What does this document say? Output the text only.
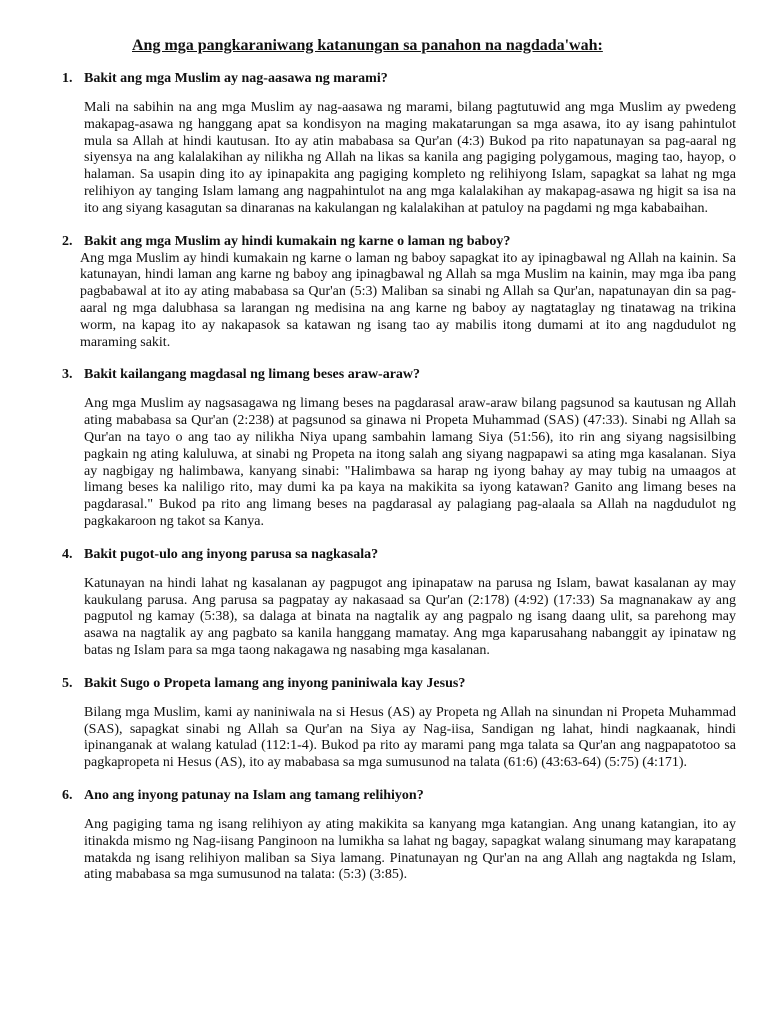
Ang mga pangkaraniwang katanungan sa panahon na nagdada'wah:
1. Bakit ang mga Muslim ay nag-aasawa ng marami?

Mali na sabihin na ang mga Muslim ay nag-aasawa ng marami, bilang pagtutuwid ang mga Muslim ay pwedeng makapag-asawa ng hanggang apat sa kondisyon na maging makatarungan sa mga asawa, ito ay isang pahintulot mula sa Allah at hindi kautusan. Ito ay atin mababasa sa Qur'an (4:3) Bukod pa rito napatunayan sa pag-aaral ng siyensya na ang kalalakihan ay nilikha ng Allah na likas sa kanila ang pagiging polygamous, maging tao, hayop, o halaman. Sa usapin ding ito ay ipinapakita ang pagiging kompleto ng relihiyong Islam, sapagkat sa lahat ng mga relihiyon ay tanging Islam lamang ang nagpahintulot na ang mga kalalakihan ay makapag-asawa ng higit sa isa na ito ang siyang kasagutan sa dinaranas na kakulangan ng kalalakihan at patuloy na pagdami ng mga kababaihan.

2. Bakit ang mga Muslim ay hindi kumakain ng karne o laman ng baboy?

Ang mga Muslim ay hindi kumakain ng karne o laman ng baboy sapagkat ito ay ipinagbawal ng Allah na kainin. Sa katunayan, hindi laman ang karne ng baboy ang ipinagbawal ng Allah sa mga Muslim na kainin, may mga iba pang pagbabawal at ito ay ating mababasa sa Qur'an (5:3) Maliban sa sinabi ng Allah sa Qur'an, napatunayan din sa pag-aaral ng mga dalubhasa sa larangan ng medisina na ang karne ng baboy ay nagtataglay ng tinatawag na trikina worm, na kapag ito ay nakapasok sa katawan ng isang tao ay mabilis itong dumami at ito ang nagdudulot ng maraming sakit.

3. Bakit kailangang magdasal ng limang beses araw-araw?

Ang mga Muslim ay nagsasagawa ng limang beses na pagdarasal araw-araw bilang pagsunod sa kautusan ng Allah ating mababasa sa Qur'an (2:238) at pagsunod sa ginawa ni Propeta Muhammad (SAS) (47:33). Sinabi ng Allah sa Qur'an na tayo o ang tao ay nilikha Niya upang sambahin lamang Siya (51:56), ito rin ang siyang nagsisilbing pagkain ng ating kaluluwa, at sinabi ng Propeta na itong salah ang siyang nagpapawi sa ating mga kasalanan. Siya ay nagbigay ng halimbawa, kanyang sinabi: "Halimbawa sa harap ng iyong bahay ay may tubig na umaagos at limang beses ka naliligo rito, may dumi ka pa kaya na makikita sa iyong katawan? Ganito ang limang beses na pagdarasal." Bukod pa rito ang limang beses na pagdarasal ay palagiang pag-alaala sa Allah na nagdudulot ng pagkakaroon ng takot sa Kanya.

4. Bakit pugot-ulo ang inyong parusa sa nagkasala?

Katunayan na hindi lahat ng kasalanan ay pagpugot ang ipinapataw na parusa ng Islam, bawat kasalanan ay may kaukulang parusa. Ang parusa sa pagpatay ay nakasaad sa Qur'an (2:178) (4:92) (17:33) Sa magnanakaw ay ang pagputol ng kamay (5:38), sa dalaga at binata na nagtalik ay ang pagpalo ng isang daang ulit, sa parehong may asawa na nagtalik ay ang pagbato sa kanila hanggang mamatay. Ang mga kaparusahang nabanggit ay ipinataw ng batas ng Islam para sa mga taong nakagawa ng nasabing mga kasalanan.

5. Bakit Sugo o Propeta lamang ang inyong paniniwala kay Jesus?

Bilang mga Muslim, kami ay naniniwala na si Hesus (AS) ay Propeta ng Allah na sinundan ni Propeta Muhammad (SAS), sapagkat sinabi ng Allah sa Qur'an na Siya ay Nag-iisa, Sandigan ng lahat, hindi nagkaanak, hindi ipinanganak at walang katulad (112:1-4). Bukod pa rito ay marami pang mga talata sa Qur'an ang nagpapatotoo sa pagkapropeta ni Hesus (AS), ito ay mababasa sa mga sumusunod na talata (61:6) (43:63-64) (5:75) (4:171).

6. Ano ang inyong patunay na Islam ang tamang relihiyon?

Ang pagiging tama ng isang relihiyon ay ating makikita sa kanyang mga katangian. Ang unang katangian, ito ay itinakda mismo ng Nag-iisang Panginoon na lumikha sa lahat ng bagay, sapagkat walang sinumang may karapatang matakda ng isang relihiyon maliban sa Siya lamang. Pinatunayan ng Qur'an na ang Allah ang nagtakda ng Islam, ating mababasa sa mga sumusunod na talata: (5:3) (3:85).
